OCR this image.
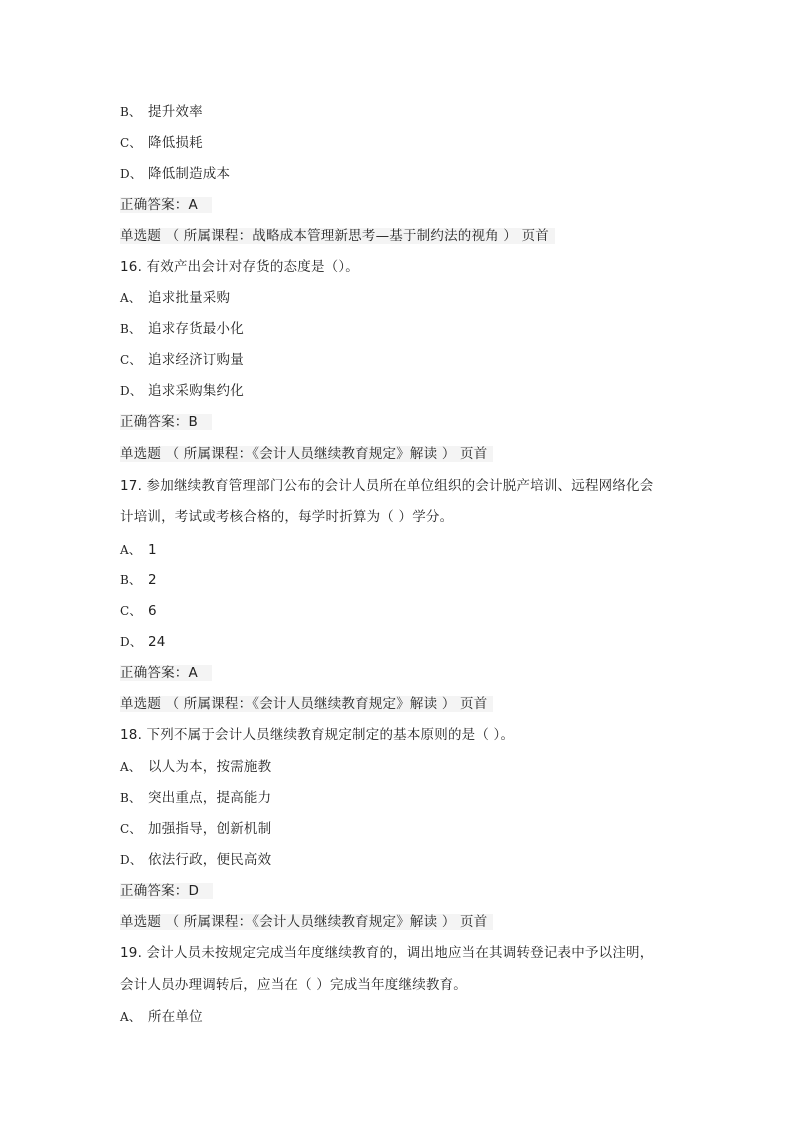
B、 提升效率
C、 降低损耗
D、 降低制造成本
正确答案：A
单选题 （ 所属课程：战略成本管理新思考—基于制约法的视角 ） 页首
16. 有效产出会计对存货的态度是（）。
A、 追求批量采购
B、 追求存货最小化
C、 追求经济订购量
D、 追求采购集约化
正确答案：B
单选题 （ 所属课程：《会计人员继续教育规定》解读 ） 页首
17. 参加继续教育管理部门公布的会计人员所在单位组织的会计脱产培训、远程网络化会
计培训，考试或考核合格的，每学时折算为（ ）学分。
A、 1
B、 2
C、 6
D、 24
正确答案：A
单选题 （ 所属课程：《会计人员继续教育规定》解读 ） 页首
18. 下列不属于会计人员继续教育规定制定的基本原则的是（ ）。
A、 以人为本，按需施教
B、 突出重点，提高能力
C、 加强指导，创新机制
D、 依法行政，便民高效
正确答案：D
单选题 （ 所属课程：《会计人员继续教育规定》解读 ） 页首
19. 会计人员未按规定完成当年度继续教育的，调出地应当在其调转登记表中予以注明，
会计人员办理调转后，应当在（ ）完成当年度继续教育。
A、 所在单位
